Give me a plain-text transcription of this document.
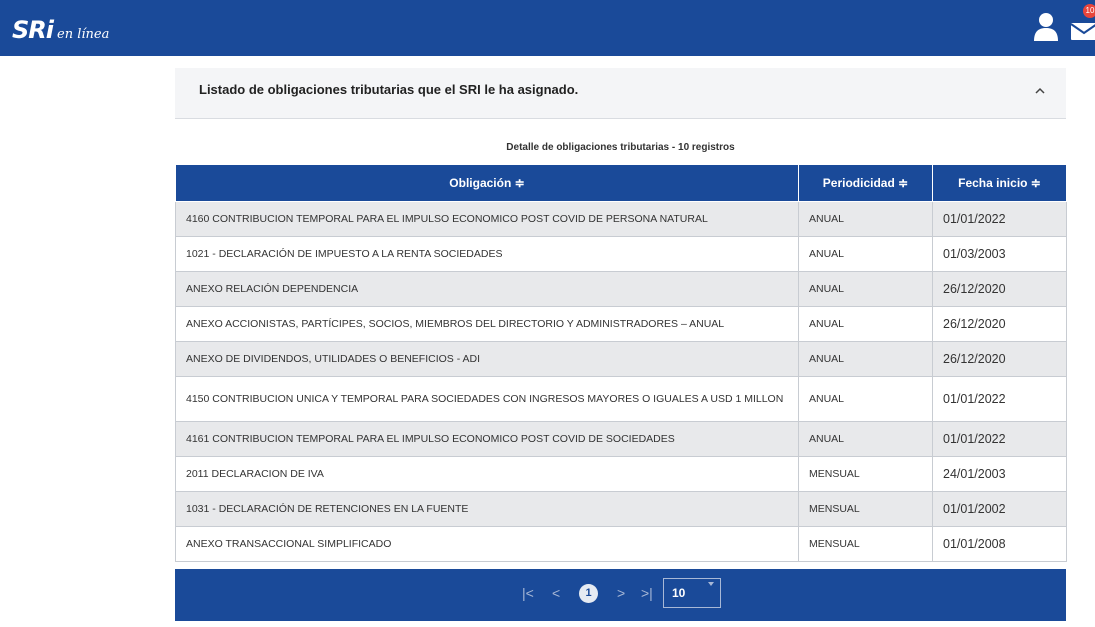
SRi en línea
10
Listado de obligaciones tributarias que el SRI le ha asignado.
Detalle de obligaciones tributarias - 10 registros
Obligación ≑	Periodicidad ≑	Fecha inicio ≑
4160 CONTRIBUCION TEMPORAL PARA EL IMPULSO ECONOMICO POST COVID DE PERSONA NATURAL	ANUAL	01/01/2022
1021 - DECLARACIÓN DE IMPUESTO A LA RENTA SOCIEDADES	ANUAL	01/03/2003
ANEXO RELACIÓN DEPENDENCIA	ANUAL	26/12/2020
ANEXO ACCIONISTAS, PARTÍCIPES, SOCIOS, MIEMBROS DEL DIRECTORIO Y ADMINISTRADORES – ANUAL	ANUAL	26/12/2020
ANEXO DE DIVIDENDOS, UTILIDADES O BENEFICIOS - ADI	ANUAL	26/12/2020
4150 CONTRIBUCION UNICA Y TEMPORAL PARA SOCIEDADES CON INGRESOS MAYORES O IGUALES A USD 1 MILLON	ANUAL	01/01/2022
4161 CONTRIBUCION TEMPORAL PARA EL IMPULSO ECONOMICO POST COVID DE SOCIEDADES	ANUAL	01/01/2022
2011 DECLARACION DE IVA	MENSUAL	24/01/2003
1031 - DECLARACIÓN DE RETENCIONES EN LA FUENTE	MENSUAL	01/01/2002
ANEXO TRANSACCIONAL SIMPLIFICADO	MENSUAL	01/01/2008
|< <	1	> >| 10
